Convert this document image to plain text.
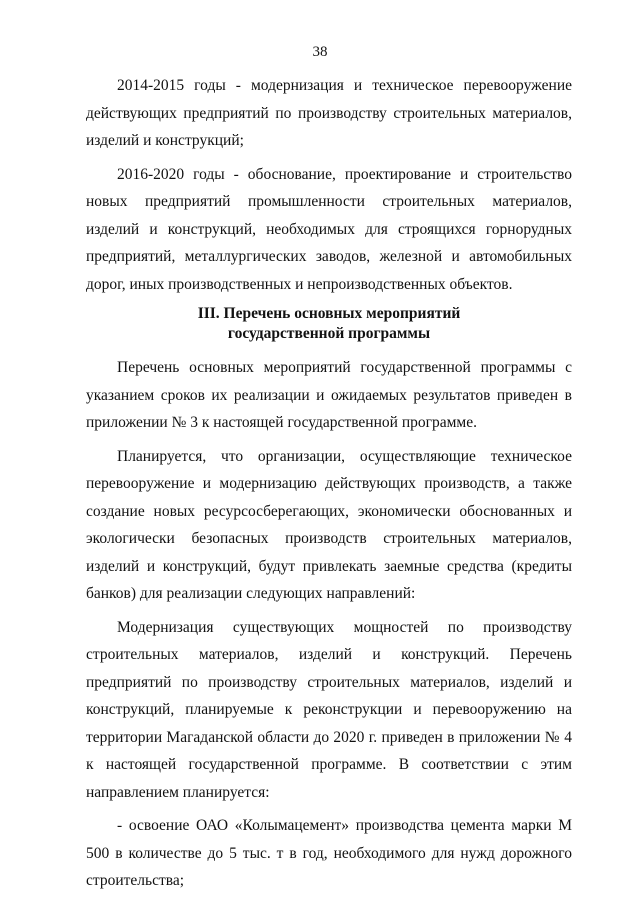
38

2014-2015 годы - модернизация и техническое перевооружение действующих предприятий по производству строительных материалов, изделий и конструкций;

2016-2020 годы - обоснование, проектирование и строительство новых предприятий промышленности строительных материалов, изделий и конструкций, необходимых для строящихся горнорудных предприятий, металлургических заводов, железной и автомобильных дорог, иных производственных и непроизводственных объектов.

III. Перечень основных мероприятий
государственной программы

Перечень основных мероприятий государственной программы с указанием сроков их реализации и ожидаемых результатов приведен в приложении № 3 к настоящей государственной программе.

Планируется, что организации, осуществляющие техническое перевооружение и модернизацию действующих производств, а также создание новых ресурсосберегающих, экономически обоснованных и экологически безопасных производств строительных материалов, изделий и конструкций, будут привлекать заемные средства (кредиты банков) для реализации следующих направлений:

Модернизация существующих мощностей по производству строительных материалов, изделий и конструкций. Перечень предприятий по производству строительных материалов, изделий и конструкций, планируемые к реконструкции и перевооружению на территории Магаданской области до 2020 г. приведен в приложении № 4 к настоящей государственной программе. В соответствии с этим направлением планируется:

- освоение ОАО «Колымацемент» производства цемента марки М 500 в количестве до 5 тыс. т в год, необходимого для нужд дорожного строительства;
